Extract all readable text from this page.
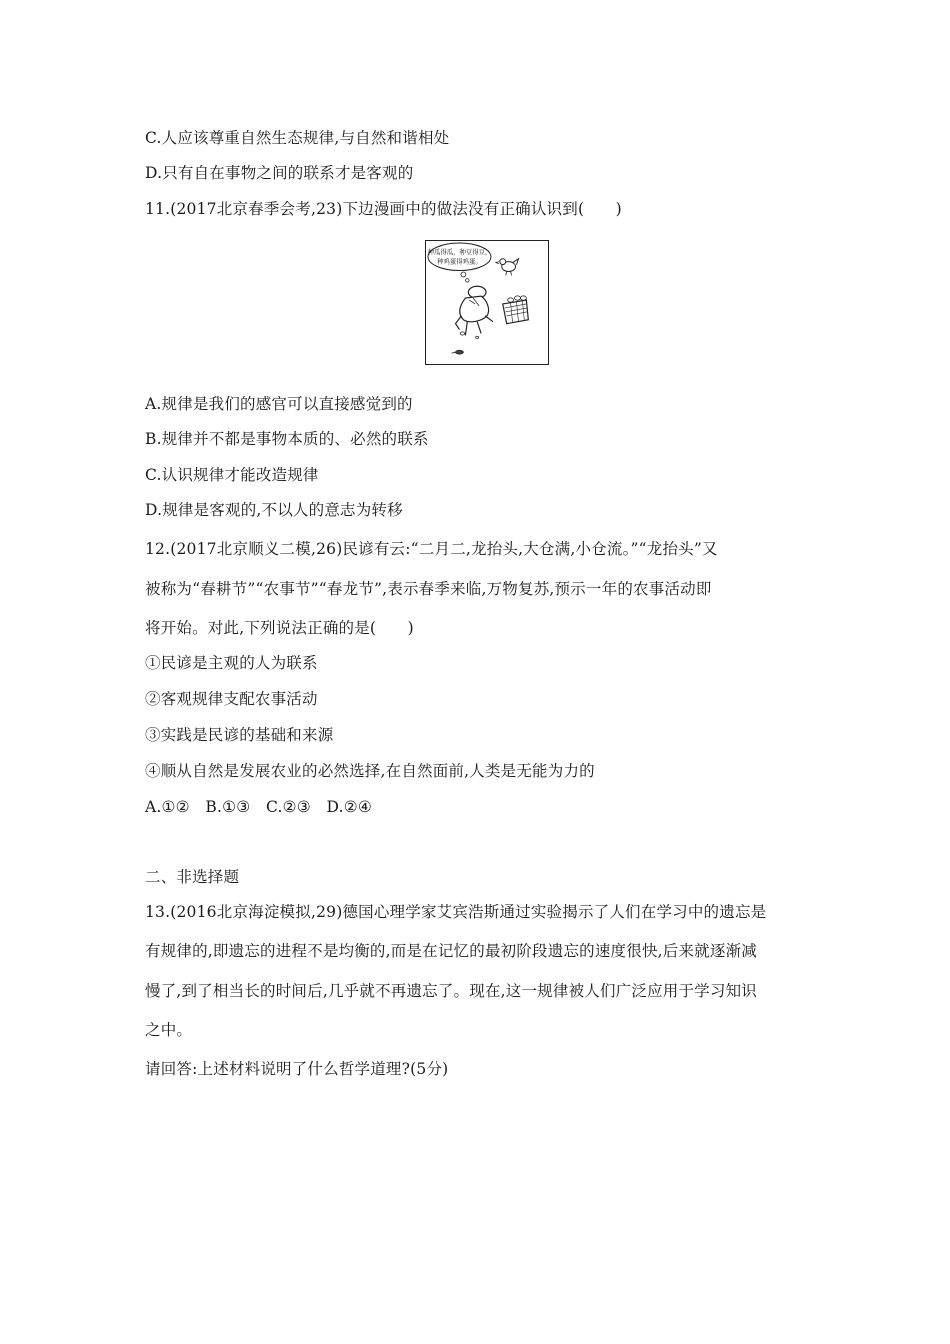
C.人应该尊重自然生态规律,与自然和谐相处
D.只有自在事物之间的联系才是客观的
11.(2017北京春季会考,23)下边漫画中的做法没有正确认识到(　　)
种瓜得瓜，种豆得豆，
种鸡蛋得鸡蛋。
A.规律是我们的感官可以直接感觉到的
B.规律并不都是事物本质的、必然的联系
C.认识规律才能改造规律
D.规律是客观的,不以人的意志为转移
12.(2017北京顺义二模,26)民谚有云:“二月二,龙抬头,大仓满,小仓流。”“龙抬头”又
被称为“春耕节”“农事节”“春龙节”,表示春季来临,万物复苏,预示一年的农事活动即
将开始。对此,下列说法正确的是(　　)
①民谚是主观的人为联系
②客观规律支配农事活动
③实践是民谚的基础和来源
④顺从自然是发展农业的必然选择,在自然面前,人类是无能为力的
A.①②　B.①③　C.②③　D.②④
二、非选择题
13.(2016北京海淀模拟,29)德国心理学家艾宾浩斯通过实验揭示了人们在学习中的遗忘是
有规律的,即遗忘的进程不是均衡的,而是在记忆的最初阶段遗忘的速度很快,后来就逐渐减
慢了,到了相当长的时间后,几乎就不再遗忘了。现在,这一规律被人们广泛应用于学习知识
之中。
请回答:上述材料说明了什么哲学道理?(5分)
